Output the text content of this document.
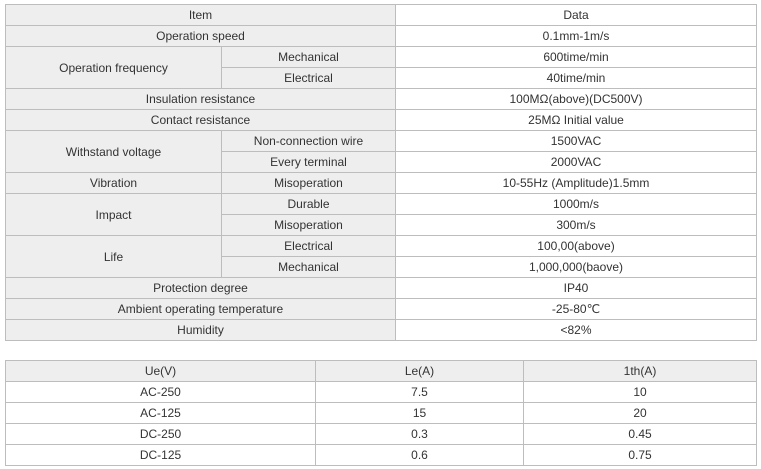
Item		Data
Operation speed		0.1mm-1m/s
Operation frequency	Mechanical	600time/min
	Electrical	40time/min
Insulation resistance		100MΩ(above)(DC500V)
Contact resistance		25MΩ Initial value
Withstand voltage	Non-connection wire	1500VAC
	Every terminal	2000VAC
Vibration	Misoperation	10-55Hz (Amplitude)1.5mm
Impact	Durable	1000m/s
	Misoperation	300m/s
Life	Electrical	100,00(above)
	Mechanical	1,000,000(baove)
Protection degree		IP40
Ambient operating temperature		-25-80℃
Humidity		<82%
Ue(V)	Le(A)	1th(A)
AC-250	7.5	10
AC-125	15	20
DC-250	0.3	0.45
DC-125	0.6	0.75
